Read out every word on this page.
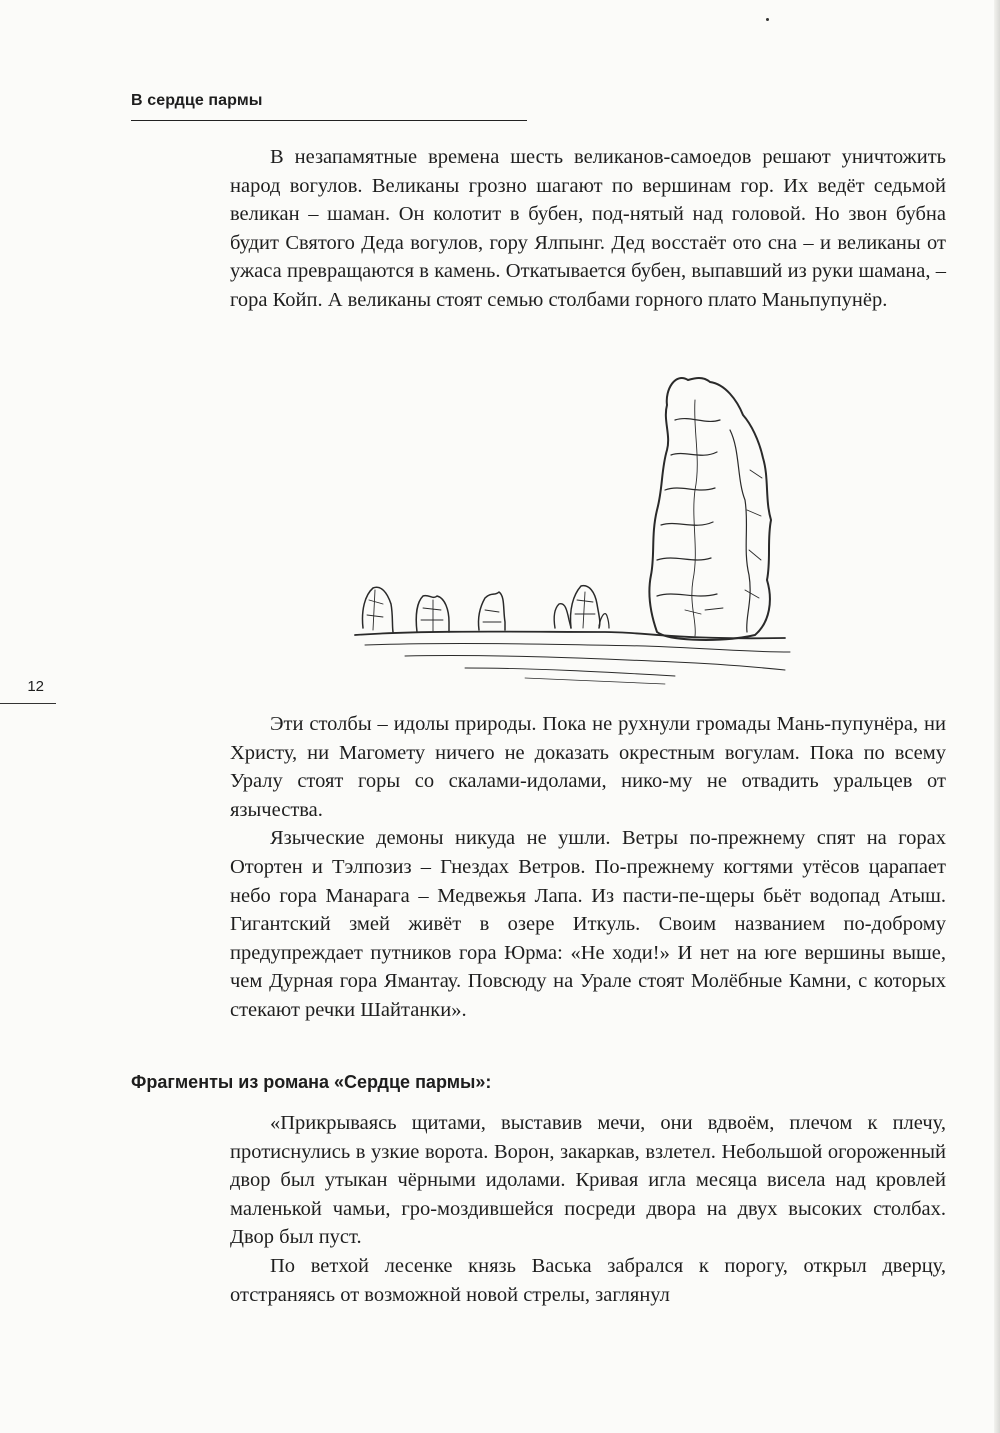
В сердце пармы

В незапамятные времена шесть великанов-самоедов решают уничтожить народ вогулов. Великаны грозно шагают по вершинам гор. Их ведёт седьмой великан – шаман. Он колотит в бубен, под-нятый над головой. Но звон бубна будит Святого Деда вогулов, гору Ялпынг. Дед восстаёт ото сна – и великаны от ужаса превращаются в камень. Откатывается бубен, выпавший из руки шамана, – гора Койп. А великаны стоят семью столбами горного плато Маньпупунёр.

12

Эти столбы – идолы природы. Пока не рухнули громады Мань-пупунёра, ни Христу, ни Магомету ничего не доказать окрестным вогулам. Пока по всему Уралу стоят горы со скалами-идолами, нико-му не отвадить уральцев от язычества.

Языческие демоны никуда не ушли. Ветры по-прежнему спят на горах Отортен и Тэлпозиз – Гнездах Ветров. По-прежнему когтями утёсов царапает небо гора Манарага – Медвежья Лапа. Из пасти-пе-щеры бьёт водопад Атыш. Гигантский змей живёт в озере Иткуль. Своим названием по-доброму предупреждает путников гора Юрма: «Не ходи!» И нет на юге вершины выше, чем Дурная гора Ямантау. Повсюду на Урале стоят Молёбные Камни, с которых стекают речки Шайтанки».

Фрагменты из романа «Сердце пармы»:

«Прикрываясь щитами, выставив мечи, они вдвоём, плечом к плечу, протиснулись в узкие ворота. Ворон, закаркав, взлетел. Небольшой огороженный двор был утыкан чёрными идолами. Кривая игла месяца висела над кровлей маленькой чамьи, гро-моздившейся посреди двора на двух высоких столбах. Двор был пуст.

По ветхой лесенке князь Васька забрался к порогу, открыл дверцу, отстраняясь от возможной новой стрелы, заглянул
